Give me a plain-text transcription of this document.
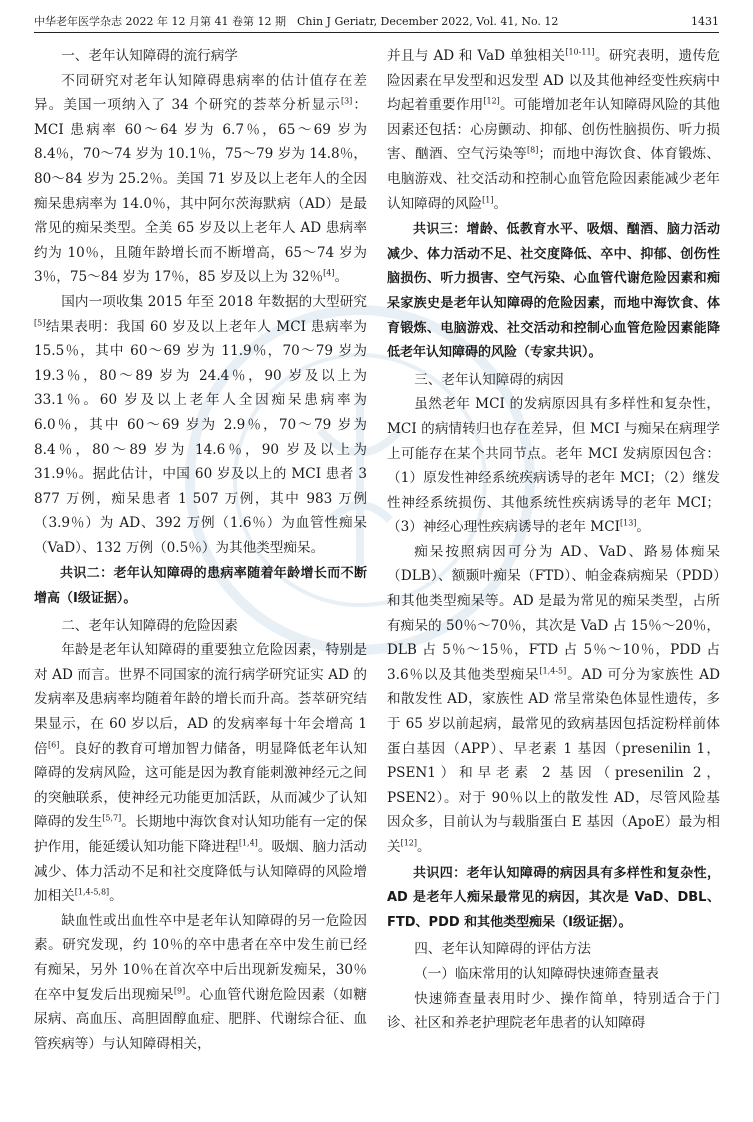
中华老年医学杂志 2022 年 12 月第 41 卷第 12 期　Chin J Geriatr, December 2022, Vol. 41, No. 12	1431

一、老年认知障碍的流行病学

不同研究对老年认知障碍患病率的估计值存在差异。美国一项纳入了 34 个研究的荟萃分析显示[3]：MCI 患病率 60～64 岁为 6.7％，65～69 岁为 8.4％，70～74 岁为 10.1％，75～79 岁为 14.8％，80～84 岁为 25.2％。美国 71 岁及以上老年人的全因痴呆患病率为 14.0％，其中阿尔茨海默病（AD）是最常见的痴呆类型。全美 65 岁及以上老年人 AD 患病率约为 10％，且随年龄增长而不断增高，65～74 岁为 3％，75～84 岁为 17％，85 岁及以上为 32％[4]。

国内一项收集 2015 年至 2018 年数据的大型研究[5]结果表明：我国 60 岁及以上老年人 MCI 患病率为 15.5％，其中 60～69 岁为 11.9％，70～79 岁为 19.3％，80～89 岁为 24.4％，90 岁及以上为 33.1％。60 岁及以上老年人全因痴呆患病率为 6.0％，其中 60～69 岁为 2.9％，70～79 岁为 8.4％，80～89 岁为 14.6％，90 岁及以上为 31.9％。据此估计，中国 60 岁及以上的 MCI 患者 3 877 万例，痴呆患者 1 507 万例，其中 983 万例（3.9％）为 AD、392 万例（1.6％）为血管性痴呆（VaD）、132 万例（0.5％）为其他类型痴呆。

共识二：老年认知障碍的患病率随着年龄增长而不断增高（Ⅰ级证据）。

二、老年认知障碍的危险因素

年龄是老年认知障碍的重要独立危险因素，特别是对 AD 而言。世界不同国家的流行病学研究证实 AD 的发病率及患病率均随着年龄的增长而升高。荟萃研究结果显示，在 60 岁以后，AD 的发病率每十年会增高 1 倍[6]。良好的教育可增加智力储备，明显降低老年认知障碍的发病风险，这可能是因为教育能刺激神经元之间的突触联系，使神经元功能更加活跃，从而减少了认知障碍的发生[5,7]。长期地中海饮食对认知功能有一定的保护作用，能延缓认知功能下降进程[1,4]。吸烟、脑力活动减少、体力活动不足和社交度降低与认知障碍的风险增加相关[1,4-5,8]。

缺血性或出血性卒中是老年认知障碍的另一危险因素。研究发现，约 10％的卒中患者在卒中发生前已经有痴呆，另外 10％在首次卒中后出现新发痴呆，30％在卒中复发后出现痴呆[9]。心血管代谢危险因素（如糖尿病、高血压、高胆固醇血症、肥胖、代谢综合征、血管疾病等）与认知障碍相关，

并且与 AD 和 VaD 单独相关[10-11]。研究表明，遗传危险因素在早发型和迟发型 AD 以及其他神经变性疾病中均起着重要作用[12]。可能增加老年认知障碍风险的其他因素还包括：心房颤动、抑郁、创伤性脑损伤、听力损害、酗酒、空气污染等[8]；而地中海饮食、体育锻炼、电脑游戏、社交活动和控制心血管危险因素能减少老年认知障碍的风险[1]。

共识三：增龄、低教育水平、吸烟、酗酒、脑力活动减少、体力活动不足、社交度降低、卒中、抑郁、创伤性脑损伤、听力损害、空气污染、心血管代谢危险因素和痴呆家族史是老年认知障碍的危险因素，而地中海饮食、体育锻炼、电脑游戏、社交活动和控制心血管危险因素能降低老年认知障碍的风险（专家共识）。

三、老年认知障碍的病因

虽然老年 MCI 的发病原因具有多样性和复杂性，MCI 的病情转归也存在差异，但 MCI 与痴呆在病理学上可能存在某个共同节点。老年 MCI 发病原因包含：（1）原发性神经系统疾病诱导的老年 MCI；（2）继发性神经系统损伤、其他系统性疾病诱导的老年 MCI；（3）神经心理性疾病诱导的老年 MCI[13]。

痴呆按照病因可分为 AD、VaD、路易体痴呆（DLB）、额颞叶痴呆（FTD）、帕金森病痴呆（PDD）和其他类型痴呆等。AD 是最为常见的痴呆类型，占所有痴呆的 50％～70％，其次是 VaD 占 15％～20％，DLB 占 5％～15％，FTD 占 5％～10％，PDD 占 3.6％以及其他类型痴呆[1,4-5]。AD 可分为家族性 AD 和散发性 AD，家族性 AD 常呈常染色体显性遗传，多于 65 岁以前起病，最常见的致病基因包括淀粉样前体蛋白基因（APP）、早老素 1 基因（presenilin 1，PSEN1）和早老素 2 基因（presenilin 2，PSEN2）。对于 90％以上的散发性 AD，尽管风险基因众多，目前认为与载脂蛋白 E 基因（ApoE）最为相关[12]。

共识四：老年认知障碍的病因具有多样性和复杂性，AD 是老年人痴呆最常见的病因，其次是 VaD、DBL、FTD、PDD 和其他类型痴呆（Ⅰ级证据）。

四、老年认知障碍的评估方法

（一）临床常用的认知障碍快速筛查量表

快速筛查量表用时少、操作简单，特别适合于门诊、社区和养老护理院老年患者的认知障碍
